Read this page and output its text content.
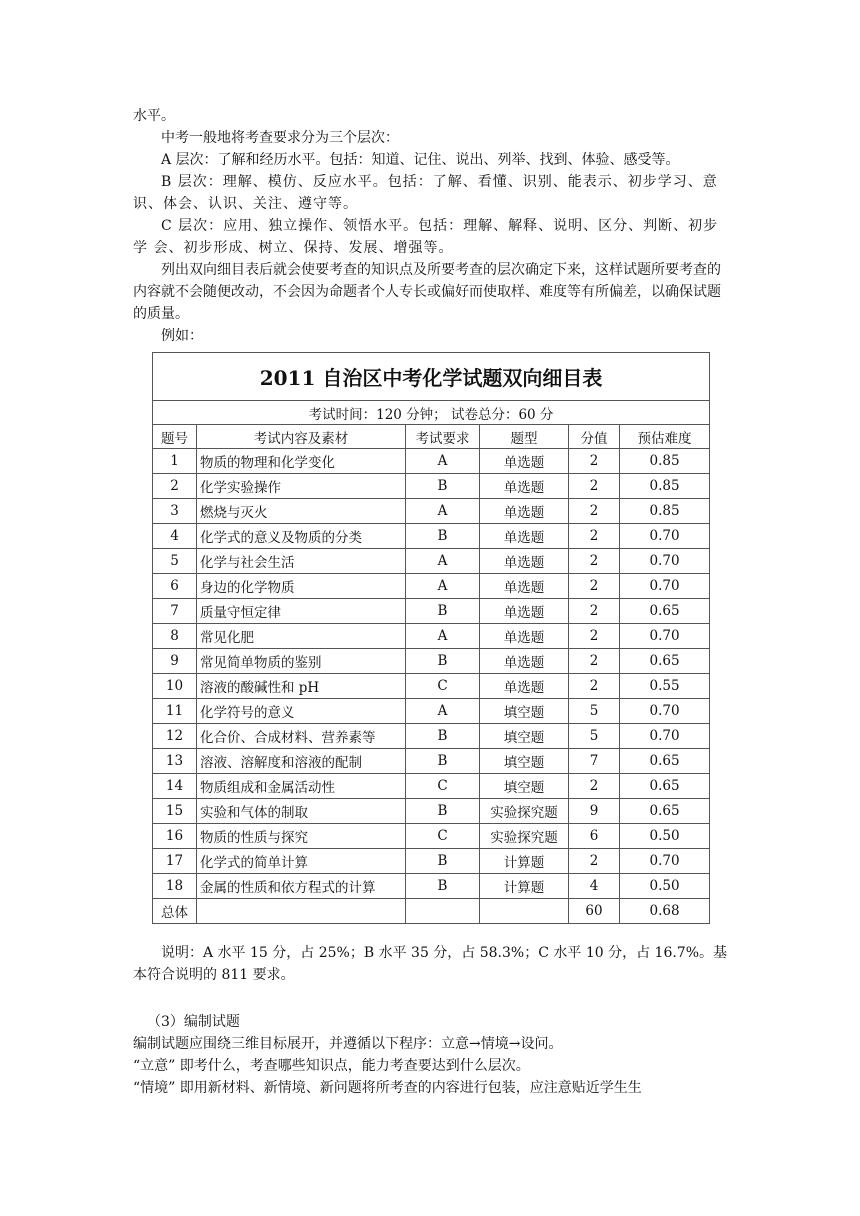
水平。

中考一般地将考查要求分为三个层次：

A 层次：了解和经历水平。包括：知道、记住、说出、列举、找到、体验、感受等。

B 层次：理解、模仿、反应水平。包括：了解、看懂、识别、能表示、初步学习、意识、体会、认识、关注、遵守等。

C 层次：应用、独立操作、领悟水平。包括：理解、解释、说明、区分、判断、初步学 会、初步形成、树立、保持、发展、增强等。

列出双向细目表后就会使要考查的知识点及所要考查的层次确定下来，这样试题所要考查的内容就不会随便改动，不会因为命题者个人专长或偏好而使取样、难度等有所偏差，以确保试题的质量。

例如：

2011 自治区中考化学试题双向细目表					
考试时间：120 分钟； 试卷总分：60 分					
题号	考试内容及素材	考试要求	题型	分值	预估难度
1	物质的物理和化学变化	A	单选题	2	0.85
2	化学实验操作	B	单选题	2	0.85
3	燃烧与灭火	A	单选题	2	0.85
4	化学式的意义及物质的分类	B	单选题	2	0.70
5	化学与社会生活	A	单选题	2	0.70
6	身边的化学物质	A	单选题	2	0.70
7	质量守恒定律	B	单选题	2	0.65
8	常见化肥	A	单选题	2	0.70
9	常见简单物质的鉴别	B	单选题	2	0.65
10	溶液的酸碱性和 pH	C	单选题	2	0.55
11	化学符号的意义	A	填空题	5	0.70
12	化合价、合成材料、营养素等	B	填空题	5	0.70
13	溶液、溶解度和溶液的配制	B	填空题	7	0.65
14	物质组成和金属活动性	C	填空题	2	0.65
15	实验和气体的制取	B	实验探究题	9	0.65
16	物质的性质与探究	C	实验探究题	6	0.50
17	化学式的简单计算	B	计算题	2	0.70
18	金属的性质和依方程式的计算	B	计算题	4	0.50
总体				60	0.68

说明：A 水平 15 分，占 25%；B 水平 35 分，占 58.3%；C 水平 10 分，占 16.7%。基本符合说明的 811 要求。

（3）编制试题

编制试题应围绕三维目标展开，并遵循以下程序：立意→情境→设问。

“立意” 即考什么，考查哪些知识点，能力考查要达到什么层次。

“情境” 即用新材料、新情境、新问题将所考查的内容进行包装，应注意贴近学生生
